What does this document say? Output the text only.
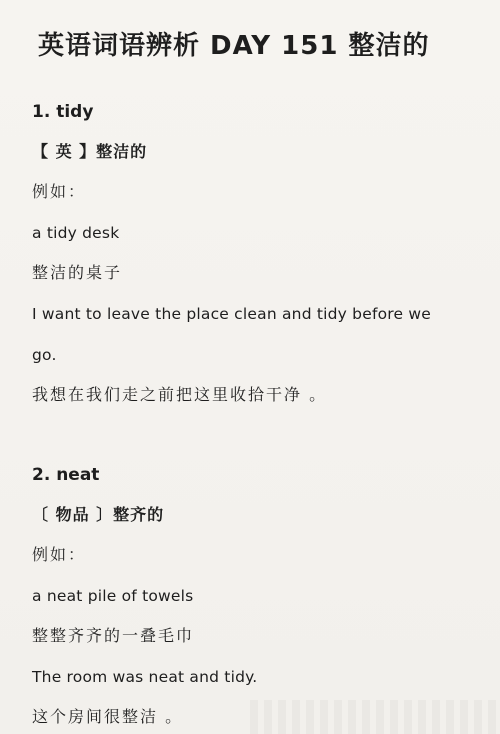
英语词语辨析 DAY 151 整洁的
1. tidy
【 英 】整洁的
例如：
a tidy desk
整洁的桌子
I want to leave the place clean and tidy before we
go.
我想在我们走之前把这里收拾干净 。
2. neat
〔 物品 〕整齐的
例如：
a neat pile of towels
整整齐齐的一叠毛巾
The room was neat and tidy.
这个房间很整洁 。
